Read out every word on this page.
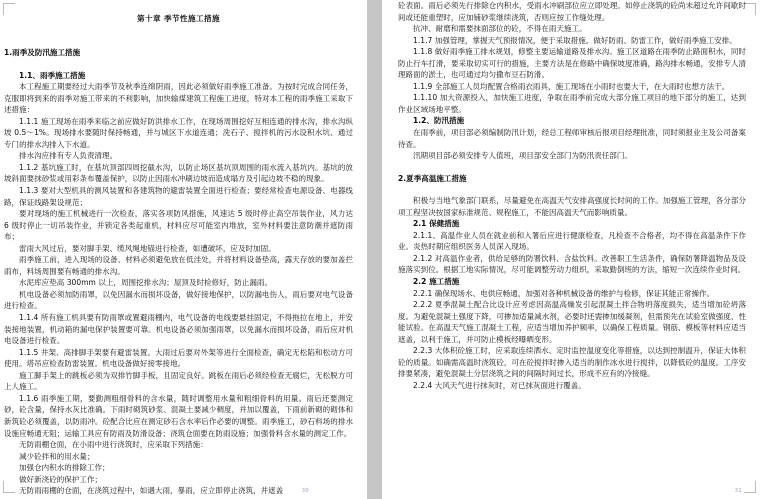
第十章 季节性施工措施

1.雨季及防汛施工措施

1.1、雨季施工措施

本工程施工期要经过大雨季节及秋季连绵阴雨，因此必须做好雨季施工准备。为按时完成合同任务，克服即将到来的雨季对施工带来的不利影响，加快输煤建筑工程施工进度，特对本工程的雨季施工采取下述措施：

1.1.1 施工现场在雨季来临之前应做好防洪排水工作，在现场周围挖好互相连通的排水沟，排水沟纵坡 0.5～1%。现场排水要随时保持畅通，并与城区下水道连通；洗石子、搅拌机的污水设积水坑、通过专门的排水沟排入下水道。

排水沟应排有专人负责清理。

1.1.2 基坑施工时，在基坑顶部四周挖截水沟，以防止场区基坑顶周围的雨水流入基坑内。基坑的放坡斜面要抹砂浆或用彩条布覆盖保护，以防止因雨水冲刷边坡而造成塌方及引起边坡不稳的现象。

1.1.3 要对大型机具的测风装置和各建筑物的避雷装置全面进行检查；要经常检查电源设备、电器线路，保证线路架设规范；

要对现场的施工机械进行一次检查，落实各项防风措施，风速达 5 级时停止高空吊装作业，风力达 6 级时停止一切吊装作业，并锁定各类起重机，材料应尽可能室内堆放，室外材料要注意防潮并遮防雨布；

雷雨大风过后，要对脚手架、缆风绳地锚进行检查，如遭破坏，应及时加固。

雨季施工前，进入现场的设备、材料必须避免放在低洼处，并将材料设备垫高，露天存放的要加盖拦雨布，料场周围要有畅通的排水沟。

水泥库应垫高 300mm 以上，周围挖排水沟；屋顶及时检修好，防止漏雨。

机电设备必须加防雨罩，以免因漏水而损坏设备，做好接地保护，以防漏电伤人，雨后要对电气设备进行检查。

1.1.4 所有施工机具要有防雨罩或置避雨棚内，电气设备的电线要悬挂固定，不得拖拉在地上，并安装接地装置，机动箱的漏电保护装置要可靠。机电设备必须加强雨罩，以免漏水而损坏设备，雨后应对机电设备进行检查。

1.1.5 井架、高排脚手架要有避雷装置。大雨过后要对外架等进行全面检查，确定无松陷和松动方可使用。塔吊应检查防雷装置。机电设备做好接零接地。

施工脚手架上的跳板必须为双排竹脚手板，且固定良好。跳板在雨后必须经检查无腐烂，无松脱方可上人施工。

1.1.6 雨季施工期，要勤测粗细骨料的含水量，随时调整用水量和粗细骨料的用量。雨后还要测定砂，砼含量，保持水灰比准确。下雨时砌筑砂浆、混凝土要减少稠度，并加以覆盖，下雨前新砌的砌体和新筑砼必须覆盖，以防雨冲。砼配合比应在测定砂石含水率后作必要的调整。雨季施工，砂石料场的排水设施应畅通无阻；运输工具应有防雨及防滑设备；浇筑仓面要在防雨设施；加强骨料含水量的测定工作。

无防雨棚仓面，在小雨中进行浇筑时，应采取下列措施：

减少砼拌和的用水量；

加强仓内积水的排除工作；

做好新浇砼的保护工作；

无防雨雨棚的仓面，在浇筑过程中，如遇大雨，暴雨，应立即停止浇筑，并遮盖	30

砼表面。雨后必须先行排除仓内积水，受雨水冲刷部位应立即处理。如停止浇筑的砼尚未超过允许间歇时间或还能重塑时，应加铺砂浆继续浇筑，否则应按工作缝处理。

抗冲、耐磨和需要抹面部位的砼，不得在雨天施工。

1.1.7 加强管理，掌握天气预报情况，便于采取措施。做好防雨、防雷工作，做好雨季施工安排。

1.1.8 做好雨季施工排水规划，修整主要运输道路及排水沟。施工区道路在雨季防止路面积水，同时防止行车打滑，要采取切实可行的措施，主要方法是在修路中确保坡度准确，路沟排水畅通，安排专人清理路面的淤土，也可通过均匀撒布豆石防滑。

1.1.9 全部施工人员均配置合格雨衣雨具，施工现场在小雨时也要大干，在大雨时也想方法干。

1.1.10 加大资源投入，加快施工进度，争取在雨季前完成大部分施工项目的地下部分的施工，达到作业区域场地平整。

1.2、防汛措施

在雨季前，项目部必须编制防汛计划，经总工程师审核后报项目经理批准，同时须报业主及公司备案待查。

汛期项目部必须安排专人值班，项目部安全部门为防汛责任部门。

2.夏季高温施工措施

积极与当地气象部门联系，尽量避免在高温天气安排高强度长时间的工作。加强施工管理，各分部分项工程坚决按国家标准规范、规程施工，不能因高温天气而影响质量。

2.1 保健措施

2.1.1、高温作业人员在就业前和入署后应进行健康检查，凡检查不合格者，均不得在高温条件下作业。炎热时期应组织医务人员深入现场。

2.1.2 对高温作业者，供给足够的防署饮料、含盐饮料。改善职工生活条件，确保防署降温物品及设施落实到位。根据工地实际情况，尽可能调整劳动力组织，采取勤倒班的方法，缩短一次连续作业时间。

2.2 施工措施

2.2.1 确保现场水、电供应畅通，加强对各种机械设备的维护与检修，保证其能正常操作。

2.2.2 夏季混凝土配合比设计应考虑因高温高燥发引起混凝土拌合物坍落度损失，适当增加砼坍落度。为避免混凝土强度下降，可掺加适量减水剂，必要时还需掺加缓凝剂，但需预先在试验室做强度、性能试验。在高温天气施工混凝土工程，应适当增加养护频率，以确保工程质量。钢筋、模板等材料应适当遮盖，以利于施工，并可防止模板经曝晒变形。

2.2.3 大体积砼施工时，应采取连续洒水、定时监控温度变化等措施，以达到控制温升，保证大体积砼的质量。如确需高温时浇筑砼，可在砼搅拌时掺入适当的制作冰水进行搅拌，以降低砼的温度。工序安排要紧凑，避免混凝土分层浇筑之间的间隔时间过长，形成不应有的冷接缝。

2.2.4 大风天气进行抹灰时，对已抹灰面进行覆盖。

31
